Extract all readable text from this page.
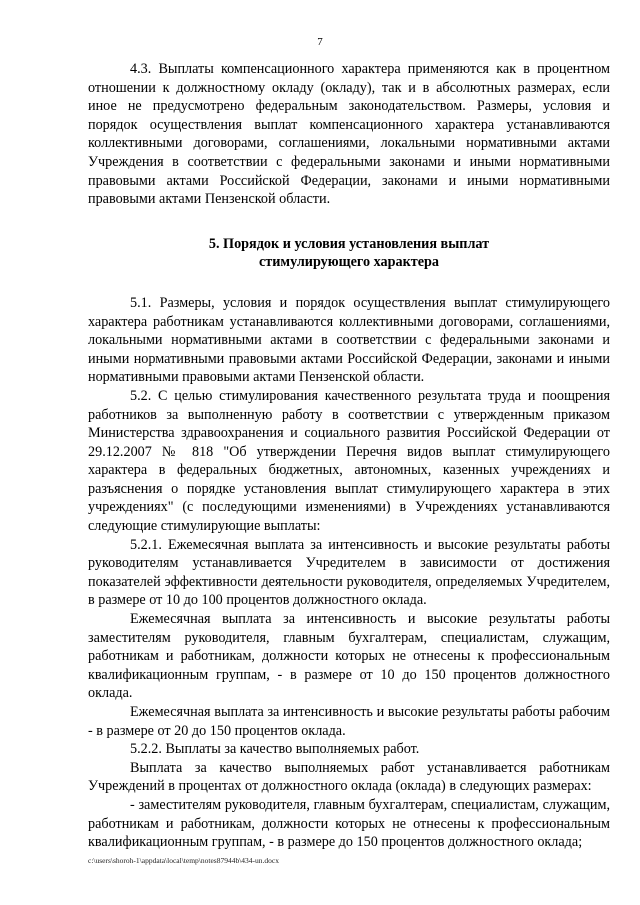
7

4.3. Выплаты компенсационного характера применяются как в процентном отношении к должностному окладу (окладу), так и в абсолютных размерах, если иное не предусмотрено федеральным законодательством. Размеры, условия и порядок осуществления выплат компенсационного характера устанавливаются коллективными договорами, соглашениями, локальными нормативными актами Учреждения в соответствии с федеральными законами и иными нормативными правовыми актами Российской Федерации, законами и иными нормативными правовыми актами Пензенской области.

5. Порядок и условия установления выплат
стимулирующего характера

5.1. Размеры, условия и порядок осуществления выплат стимулирующего характера работникам устанавливаются коллективными договорами, соглашениями, локальными нормативными актами в соответствии с федеральными законами и иными нормативными правовыми актами Российской Федерации, законами и иными нормативными правовыми актами Пензенской области.

5.2. С целью стимулирования качественного результата труда и поощрения работников за выполненную работу в соответствии с утвержденным приказом Министерства здравоохранения и социального развития Российской Федерации от 29.12.2007 № 818 "Об утверждении Перечня видов выплат стимулирующего характера в федеральных бюджетных, автономных, казенных учреждениях и разъяснения о порядке установления выплат стимулирующего характера в этих учреждениях" (с последующими изменениями) в Учреждениях устанавливаются следующие стимулирующие выплаты:

5.2.1. Ежемесячная выплата за интенсивность и высокие результаты работы руководителям устанавливается Учредителем в зависимости от достижения показателей эффективности деятельности руководителя, определяемых Учредителем, в размере от 10 до 100 процентов должностного оклада.

Ежемесячная выплата за интенсивность и высокие результаты работы заместителям руководителя, главным бухгалтерам, специалистам, служащим, работникам и работникам, должности которых не отнесены к профессиональным квалификационным группам, - в размере от 10 до 150 процентов должностного оклада.

Ежемесячная выплата за интенсивность и высокие результаты работы рабочим - в размере от 20 до 150 процентов оклада.

5.2.2. Выплаты за качество выполняемых работ.

Выплата за качество выполняемых работ устанавливается работникам Учреждений в процентах от должностного оклада (оклада) в следующих размерах:

- заместителям руководителя, главным бухгалтерам, специалистам, служащим, работникам и работникам, должности которых не отнесены к профессиональным квалификационным группам, - в размере до 150 процентов должностного оклада;

c:\users\shoroh-1\appdata\local\temp\notes87944b\434-un.docx
